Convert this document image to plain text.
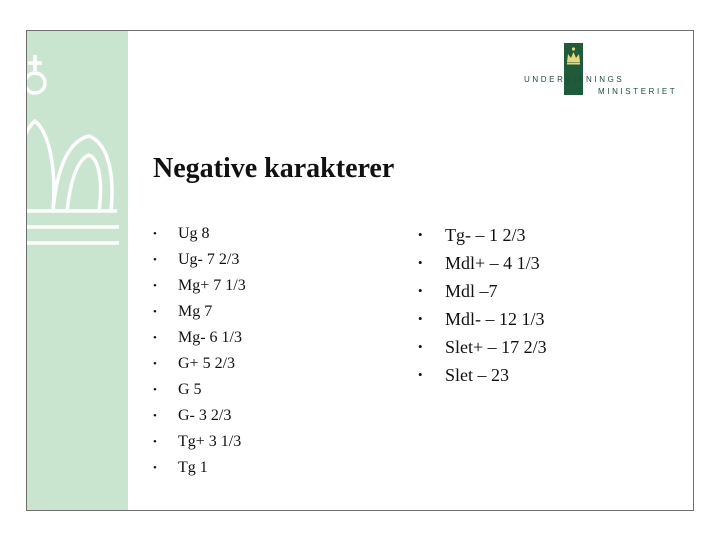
UNDERVISNINGS
MINISTERIET
Negative karakterer
• Ug 8
• Ug- 7 2/3
• Mg+ 7 1/3
• Mg 7
• Mg- 6 1/3
• G+ 5 2/3
• G 5
• G- 3 2/3
• Tg+ 3 1/3
• Tg 1
• Tg- – 1 2/3
• Mdl+ – 4 1/3
• Mdl –7
• Mdl- – 12 1/3
• Slet+ – 17 2/3
• Slet – 23
